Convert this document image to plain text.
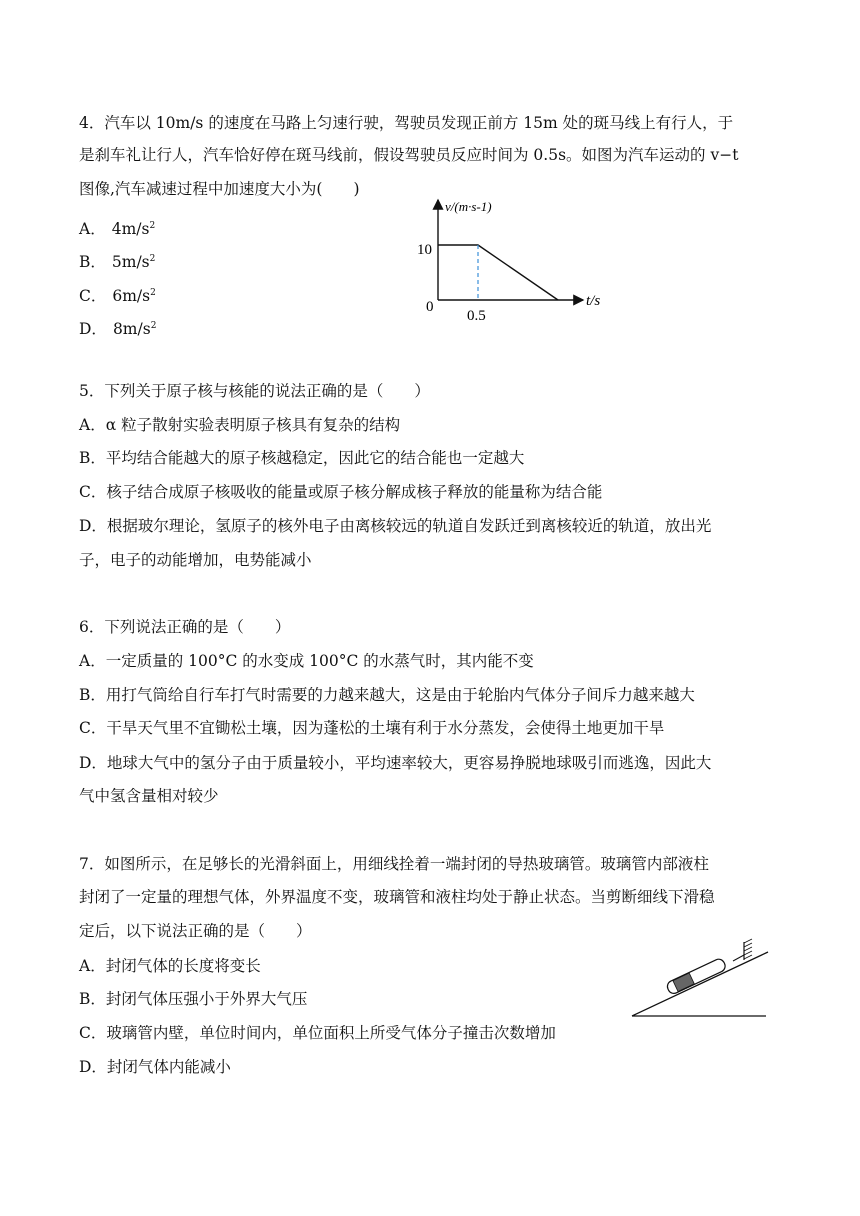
4．汽车以 10m/s 的速度在马路上匀速行驶，驾驶员发现正前方 15m 处的斑马线上有行人，于
是刹车礼让行人，汽车恰好停在斑马线前，假设驾驶员反应时间为 0.5s。如图为汽车运动的 v−t
图像,汽车减速过程中加速度大小为(　　)
A． $4m/s^2$
B． $5m/s^2$
C． $6m/s^2$
D． $8m/s^2$
v/(m·s-1)
t/s
0
10
0.5
5．下列关于原子核与核能的说法正确的是（　　）
A．α 粒子散射实验表明原子核具有复杂的结构
B．平均结合能越大的原子核越稳定，因此它的结合能也一定越大
C．核子结合成原子核吸收的能量或原子核分解成核子释放的能量称为结合能
D．根据玻尔理论，氢原子的核外电子由离核较远的轨道自发跃迁到离核较近的轨道，放出光
子，电子的动能增加，电势能减小
6．下列说法正确的是（　　）
A．一定质量的 100°C 的水变成 100°C 的水蒸气时，其内能不变
B．用打气筒给自行车打气时需要的力越来越大，这是由于轮胎内气体分子间斥力越来越大
C．干旱天气里不宜锄松土壤，因为蓬松的土壤有利于水分蒸发，会使得土地更加干旱
D．地球大气中的氢分子由于质量较小，平均速率较大，更容易挣脱地球吸引而逃逸，因此大
气中氢含量相对较少
7．如图所示，在足够长的光滑斜面上，用细线拴着一端封闭的导热玻璃管。玻璃管内部液柱
封闭了一定量的理想气体，外界温度不变，玻璃管和液柱均处于静止状态。当剪断细线下滑稳
定后，以下说法正确的是（　　）
A．封闭气体的长度将变长
B．封闭气体压强小于外界大气压
C．玻璃管内壁，单位时间内，单位面积上所受气体分子撞击次数增加
D．封闭气体内能减小
